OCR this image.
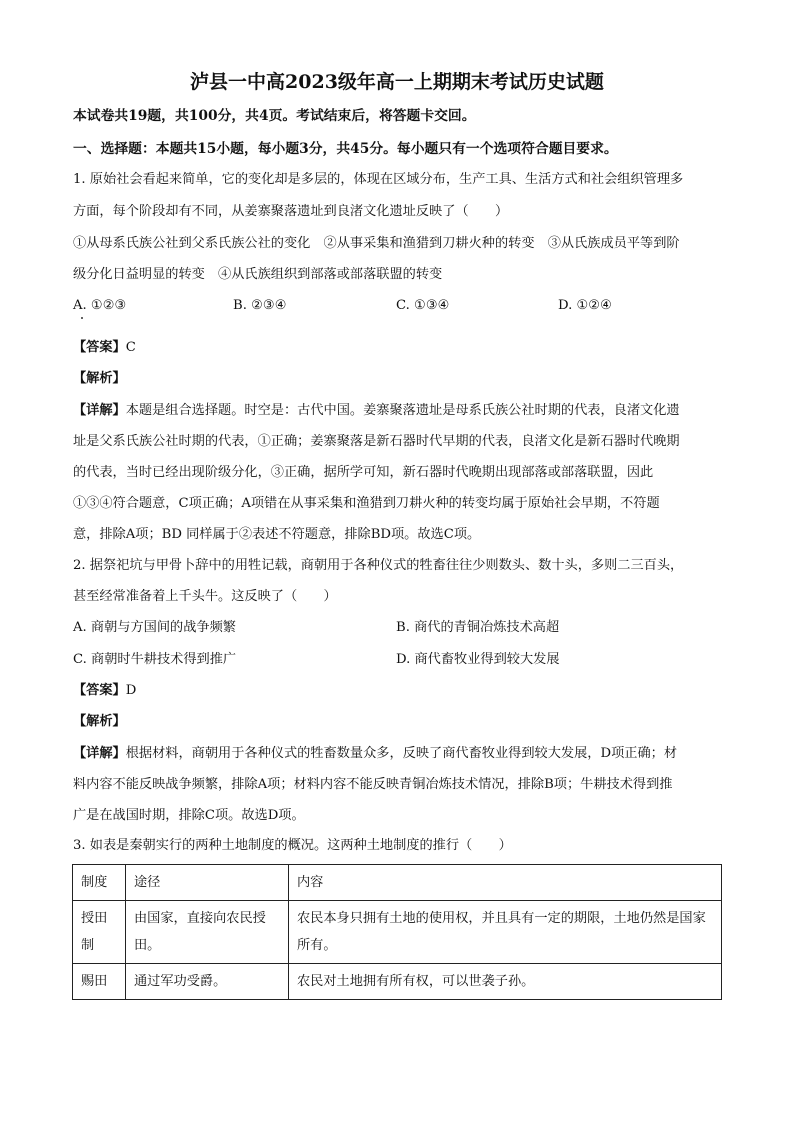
泸县一中高2023级年高一上期期末考试历史试题
本试卷共19题，共100分，共4页。考试结束后，将答题卡交回。
一、选择题：本题共15小题，每小题3分，共45分。每小题只有一个选项符合题目要求。
1. 原始社会看起来简单，它的变化却是多层的，体现在区域分布，生产工具、生活方式和社会组织管理多
方面，每个阶段却有不同，从姜寨聚落遗址到良渚文化遗址反映了（　　）
①从母系氏族公社到父系氏族公社的变化　②从事采集和渔猎到刀耕火种的转变　③从氏族成员平等到阶
级分化日益明显的转变　④从氏族组织到部落或部落联盟的转变
A. ①②③	B. ②③④	C. ①③④	D. ①②④
【答案】C
【解析】
【详解】本题是组合选择题。时空是：古代中国。姜寨聚落遗址是母系氏族公社时期的代表，良渚文化遗
址是父系氏族公社时期的代表，①正确；姜寨聚落是新石器时代早期的代表，良渚文化是新石器时代晚期
的代表，当时已经出现阶级分化，③正确，据所学可知，新石器时代晚期出现部落或部落联盟，因此
①③④符合题意，C项正确；A项错在从事采集和渔猎到刀耕火种的转变均属于原始社会早期，不符题
意，排除A项；BD 同样属于②表述不符题意，排除BD项。故选C项。
2. 据祭祀坑与甲骨卜辞中的用牲记载，商朝用于各种仪式的牲畜往往少则数头、数十头，多则二三百头，
甚至经常准备着上千头牛。这反映了（　　）
A. 商朝与方国间的战争频繁	B. 商代的青铜冶炼技术高超
C. 商朝时牛耕技术得到推广	D. 商代畜牧业得到较大发展
【答案】D
【解析】
【详解】根据材料，商朝用于各种仪式的牲畜数量众多，反映了商代畜牧业得到较大发展，D项正确；材
料内容不能反映战争频繁，排除A项；材料内容不能反映青铜冶炼技术情况，排除B项；牛耕技术得到推
广是在战国时期，排除C项。故选D项。
3. 如表是秦朝实行的两种土地制度的概况。这两种土地制度的推行（　　）
制度	途径	内容
授田制	由国家，直接向农民授田。	农民本身只拥有土地的使用权，并且具有一定的期限，土地仍然是国家所有。
赐田	通过军功受爵。	农民对土地拥有所有权，可以世袭子孙。
